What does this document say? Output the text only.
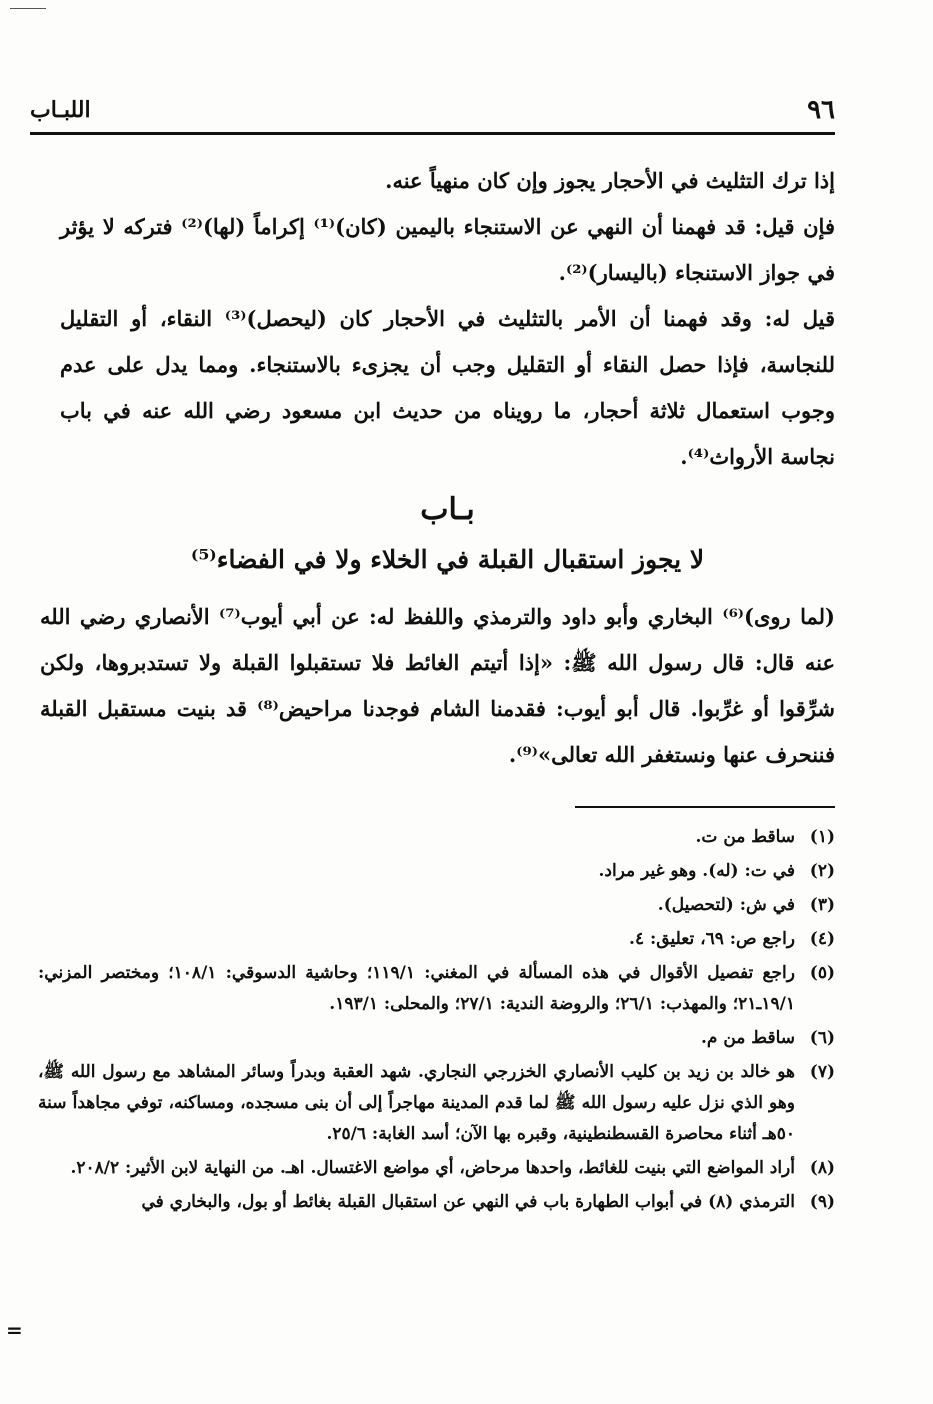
٩٦
اللبـاب

إذا ترك التثليث في الأحجار يجوز وإن كان منهياً عنه.

فإن قيل: قد فهمنا أن النهي عن الاستنجاء باليمين (كان)⁽¹⁾ إكراماً (لها)⁽²⁾ فتركه لا يؤثر في جواز الاستنجاء (باليسار)⁽²⁾.

قيل له: وقد فهمنا أن الأمر بالتثليث في الأحجار كان (ليحصل)⁽³⁾ النقاء، أو التقليل للنجاسة، فإذا حصل النقاء أو التقليل وجب أن يجزىء بالاستنجاء. ومما يدل على عدم وجوب استعمال ثلاثة أحجار، ما رويناه من حديث ابن مسعود رضي الله عنه في باب نجاسة الأرواث⁽⁴⁾.

بـاب
لا يجوز استقبال القبلة في الخلاء ولا في الفضاء⁽⁵⁾

(لما روى)⁽⁶⁾ البخاري وأبو داود والترمذي واللفظ له: عن أبي أيوب⁽⁷⁾ الأنصاري رضي الله عنه قال: قال رسول الله ﷺ: «إذا أتيتم الغائط فلا تستقبلوا القبلة ولا تستدبروها، ولكن شرِّقوا أو غرِّبوا. قال أبو أيوب: فقدمنا الشام فوجدنا مراحيض⁽⁸⁾ قد بنيت مستقبل القبلة فننحرف عنها ونستغفر الله تعالى»⁽⁹⁾.

(١)
ساقط من ت.
(٢)
في ت: (له). وهو غير مراد.
(٣)
في ش: (لتحصيل).
(٤)
راجع ص: ٦٩، تعليق: ٤.
(٥)
راجع تفصيل الأقوال في هذه المسألة في المغني: ١١٩/١؛ وحاشية الدسوقي: ١٠٨/١؛ ومختصر المزني: ١٩/١ـ٢١؛ والمهذب: ٢٦/١؛ والروضة الندية: ٢٧/١؛ والمحلى: ١٩٣/١.
(٦)
ساقط من م.
(٧)
هو خالد بن زيد بن كليب الأنصاري الخزرجي النجاري. شهد العقبة وبدراً وسائر المشاهد مع رسول الله ﷺ، وهو الذي نزل عليه رسول الله ﷺ لما قدم المدينة مهاجراً إلى أن بنى مسجده، ومساكنه، توفي مجاهداً سنة ٥٠هـ أثناء محاصرة القسطنطينية، وقبره بها الآن؛ أسد الغابة: ٢٥/٦.
(٨)
أراد المواضع التي بنيت للغائط، واحدها مرحاض، أي مواضع الاغتسال. اهـ. من النهاية لابن الأثير: ٢٠٨/٢.
(٩)
الترمذي (٨) في أبواب الطهارة باب في النهي عن استقبال القبلة بغائط أو بول، والبخاري في
=
